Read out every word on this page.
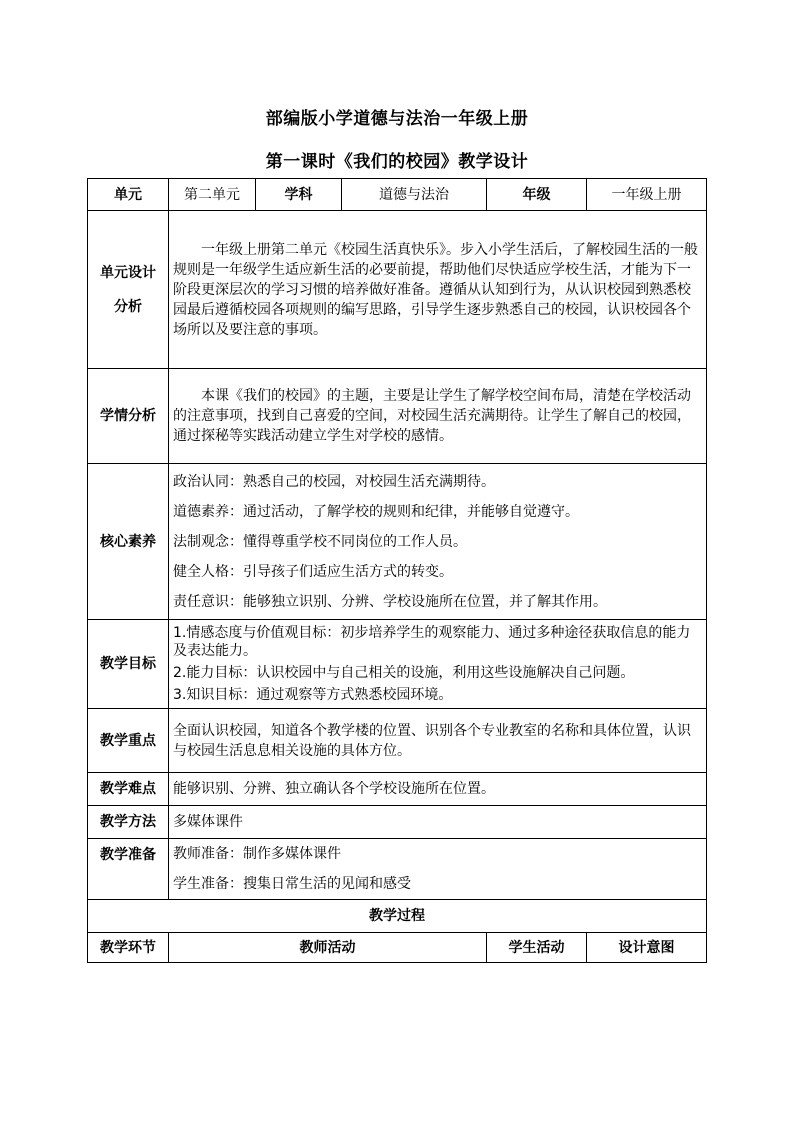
部编版小学道德与法治一年级上册
第一课时《我们的校园》教学设计
单元	第二单元	学科	道德与法治	年级	一年级上册

单元设计
分析	一年级上册第二单元《校园生活真快乐》。步入小学生活后，了解校园生活的一般规则是一年级学生适应新生活的必要前提，帮助他们尽快适应学校生活，才能为下一阶段更深层次的学习习惯的培养做好准备。遵循从认知到行为，从认识校园到熟悉校园最后遵循校园各项规则的编写思路，引导学生逐步熟悉自己的校园，认识校园各个场所以及要注意的事项。				
学情分析	本课《我们的校园》的主题，主要是让学生了解学校空间布局，清楚在学校活动的注意事项，找到自己喜爱的空间，对校园生活充满期待。让学生了解自己的校园，通过探秘等实践活动建立学生对学校的感情。				
核心素养	政治认同：熟悉自己的校园，对校园生活充满期待。
道德素养：通过活动，了解学校的规则和纪律，并能够自觉遵守。
法制观念：懂得尊重学校不同岗位的工作人员。
健全人格：引导孩子们适应生活方式的转变。
责任意识：能够独立识别、分辨、学校设施所在位置，并了解其作用。				

教学目标	1.情感态度与价值观目标：初步培养学生的观察能力、通过多种途径获取信息的能力及表达能力。
2.能力目标：认识校园中与自己相关的设施，利用这些设施解决自己问题。
3.知识目标：通过观察等方式熟悉校园环境。				

教学重点	全面认识校园，知道各个教学楼的位置、识别各个专业教室的名称和具体位置，认识与校园生活息息相关设施的具体方位。				
教学难点	能够识别、分辨、独立确认各个学校设施所在位置。				
教学方法	多媒体课件				
教学准备	教师准备：制作多媒体课件
学生准备：搜集日常生活的见闻和感受				

教学过程					
教学环节	教师活动			学生活动	设计意图
